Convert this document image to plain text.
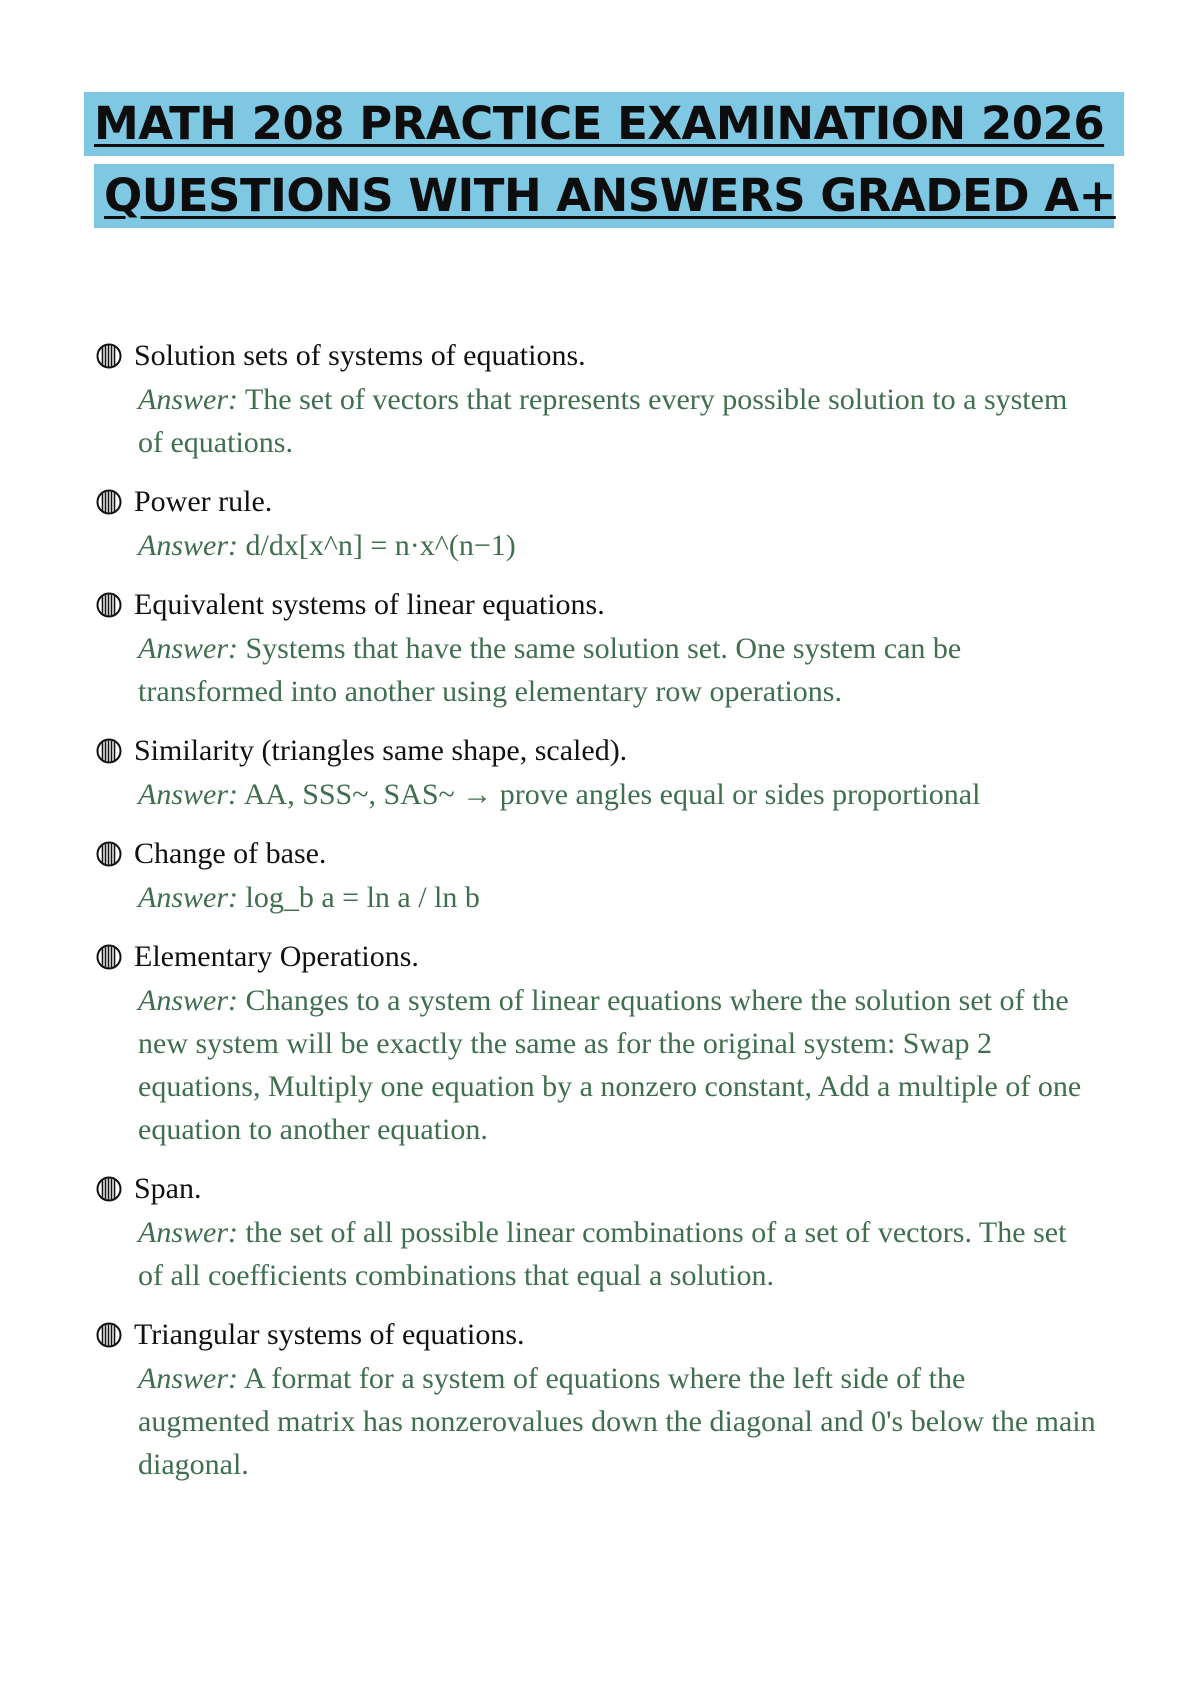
MATH 208 PRACTICE EXAMINATION 2026
QUESTIONS WITH ANSWERS GRADED A+
Solution sets of systems of equations.
Answer: The set of vectors that represents every possible solution to a system of equations.
Power rule.
Answer: d/dx[x^n] = n·x^(n−1)
Equivalent systems of linear equations.
Answer: Systems that have the same solution set. One system can be transformed into another using elementary row operations.
Similarity (triangles same shape, scaled).
Answer: AA, SSS~, SAS~ → prove angles equal or sides proportional
Change of base.
Answer: log_b a = ln a / ln b
Elementary Operations.
Answer: Changes to a system of linear equations where the solution set of the new system will be exactly the same as for the original system: Swap 2 equations, Multiply one equation by a nonzero constant, Add a multiple of one equation to another equation.
Span.
Answer: the set of all possible linear combinations of a set of vectors. The set of all coefficients combinations that equal a solution.
Triangular systems of equations.
Answer: A format for a system of equations where the left side of the augmented matrix has nonzerovalues down the diagonal and 0's below the main diagonal.
